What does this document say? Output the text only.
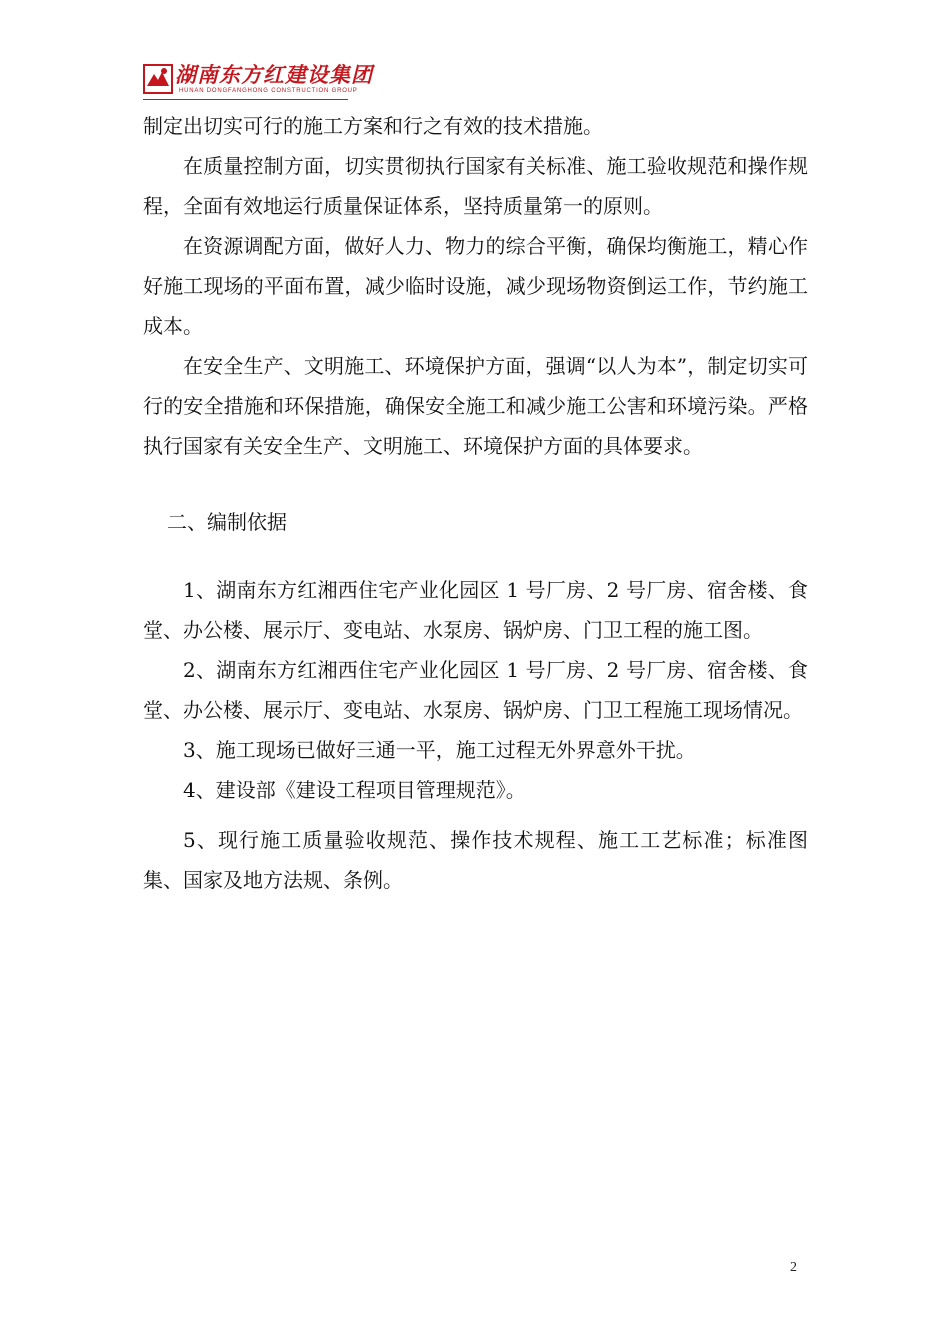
湖南东方红建设集团
HUNAN DONGFANGHONG CONSTRUCTION GROUP

制定出切实可行的施工方案和行之有效的技术措施。

在质量控制方面，切实贯彻执行国家有关标准、施工验收规范和操作规程，全面有效地运行质量保证体系，坚持质量第一的原则。

在资源调配方面，做好人力、物力的综合平衡，确保均衡施工，精心作好施工现场的平面布置，减少临时设施，减少现场物资倒运工作，节约施工成本。

在安全生产、文明施工、环境保护方面，强调“以人为本”，制定切实可行的安全措施和环保措施，确保安全施工和减少施工公害和环境污染。严格执行国家有关安全生产、文明施工、环境保护方面的具体要求。

二、编制依据

1、湖南东方红湘西住宅产业化园区 1 号厂房、2 号厂房、宿舍楼、食堂、办公楼、展示厅、变电站、水泵房、锅炉房、门卫工程的施工图。

2、湖南东方红湘西住宅产业化园区 1 号厂房、2 号厂房、宿舍楼、食堂、办公楼、展示厅、变电站、水泵房、锅炉房、门卫工程施工现场情况。

3、施工现场已做好三通一平，施工过程无外界意外干扰。

4、建设部《建设工程项目管理规范》。

5、现行施工质量验收规范、操作技术规程、施工工艺标准；标准图集、国家及地方法规、条例。

2
